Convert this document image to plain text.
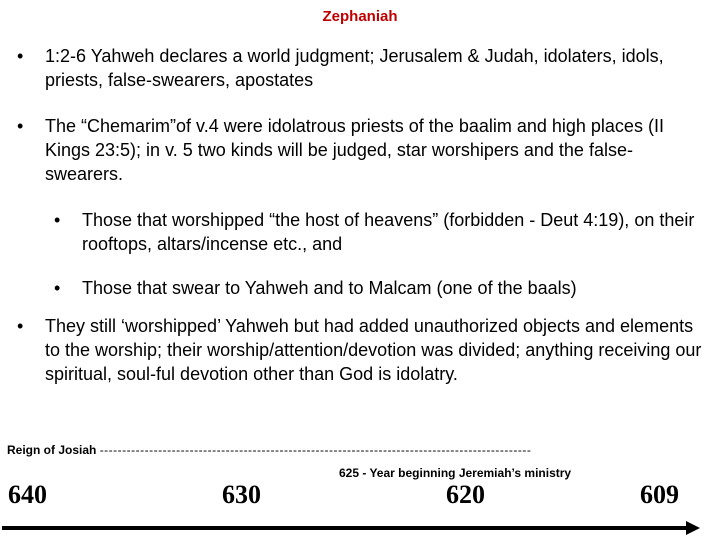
Zephaniah
• 1:2-6 Yahweh declares a world judgment; Jerusalem & Judah, idolaters, idols, priests, false-swearers, apostates
• The “Chemarim”of v.4 were idolatrous priests of the baalim and high places (II Kings 23:5); in v. 5 two kinds will be judged, star worshipers and the false-swearers.
• Those that worshipped “the host of heavens” (forbidden - Deut 4:19), on their rooftops, altars/incense etc., and
• Those that swear to Yahweh and to Malcam (one of the baals)
• They still ‘worshipped’ Yahweh but had added unauthorized objects and elements to the worship; their worship/attention/devotion was divided; anything receiving our spiritual, soul-ful devotion other than God is idolatry.
Reign of Josiah ------------------------------------------------------------------------------------------------
625 - Year beginning Jeremiah’s ministry
640	630	620	609
